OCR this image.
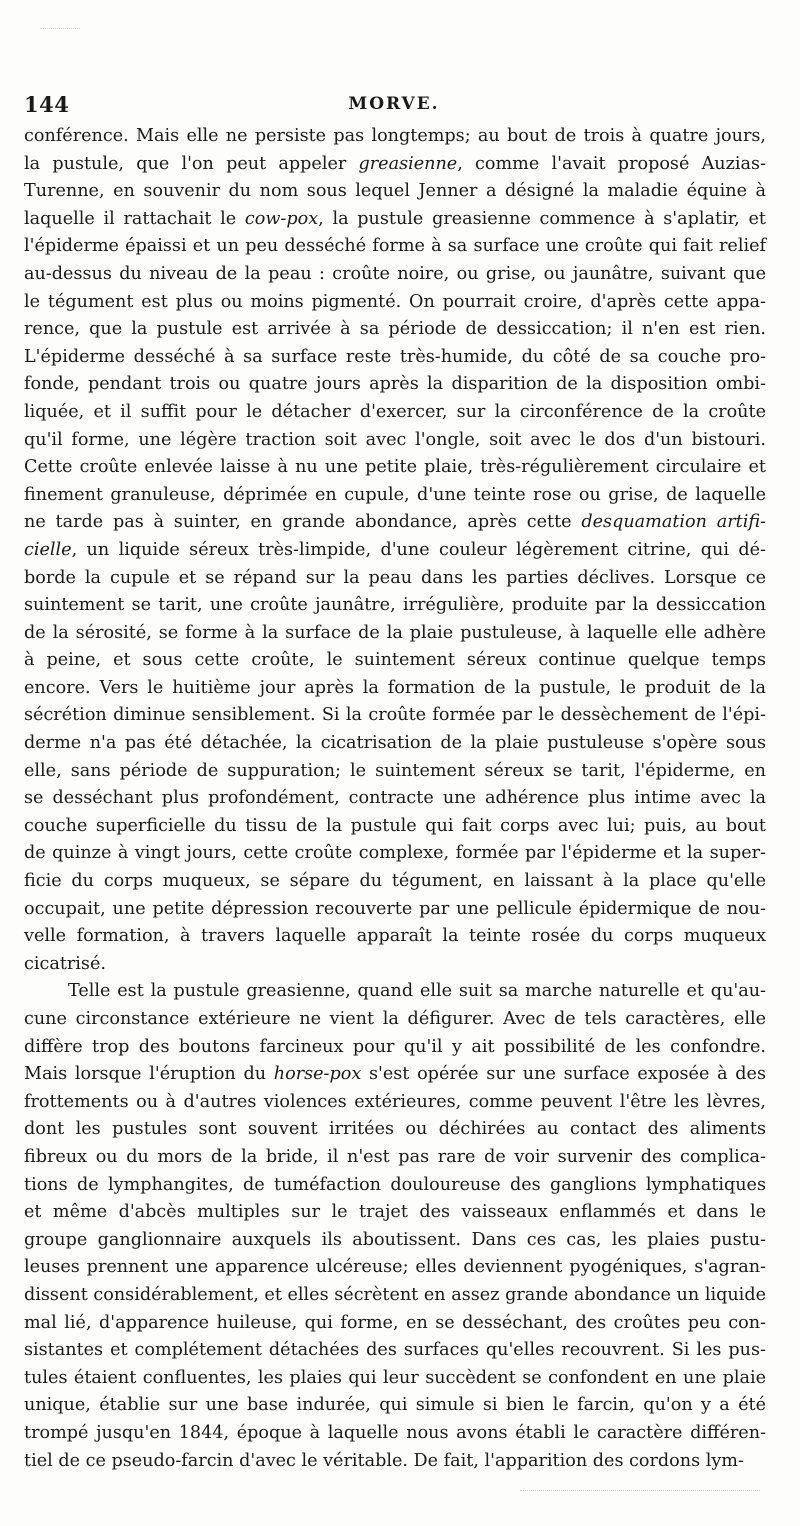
144	MORVE.
conférence. Mais elle ne persiste pas longtemps; au bout de trois à quatre jours,
la pustule, que l'on peut appeler greasienne, comme l'avait proposé Auzias-
Turenne, en souvenir du nom sous lequel Jenner a désigné la maladie équine à
laquelle il rattachait le cow-pox, la pustule greasienne commence à s'aplatir, et
l'épiderme épaissi et un peu desséché forme à sa surface une croûte qui fait relief
au-dessus du niveau de la peau : croûte noire, ou grise, ou jaunâtre, suivant que
le tégument est plus ou moins pigmenté. On pourrait croire, d'après cette appa-
rence, que la pustule est arrivée à sa période de dessiccation; il n'en est rien.
L'épiderme desséché à sa surface reste très-humide, du côté de sa couche pro-
fonde, pendant trois ou quatre jours après la disparition de la disposition ombi-
liquée, et il suffit pour le détacher d'exercer, sur la circonférence de la croûte
qu'il forme, une légère traction soit avec l'ongle, soit avec le dos d'un bistouri.
Cette croûte enlevée laisse à nu une petite plaie, très-régulièrement circulaire et
finement granuleuse, déprimée en cupule, d'une teinte rose ou grise, de laquelle
ne tarde pas à suinter, en grande abondance, après cette desquamation artifi-
cielle, un liquide séreux très-limpide, d'une couleur légèrement citrine, qui dé-
borde la cupule et se répand sur la peau dans les parties déclives. Lorsque ce
suintement se tarit, une croûte jaunâtre, irrégulière, produite par la dessiccation
de la sérosité, se forme à la surface de la plaie pustuleuse, à laquelle elle adhère
à peine, et sous cette croûte, le suintement séreux continue quelque temps
encore. Vers le huitième jour après la formation de la pustule, le produit de la
sécrétion diminue sensiblement. Si la croûte formée par le dessèchement de l'épi-
derme n'a pas été détachée, la cicatrisation de la plaie pustuleuse s'opère sous
elle, sans période de suppuration; le suintement séreux se tarit, l'épiderme, en
se desséchant plus profondément, contracte une adhérence plus intime avec la
couche superficielle du tissu de la pustule qui fait corps avec lui; puis, au bout
de quinze à vingt jours, cette croûte complexe, formée par l'épiderme et la super-
ficie du corps muqueux, se sépare du tégument, en laissant à la place qu'elle
occupait, une petite dépression recouverte par une pellicule épidermique de nou-
velle formation, à travers laquelle apparaît la teinte rosée du corps muqueux
cicatrisé.
Telle est la pustule greasienne, quand elle suit sa marche naturelle et qu'au-
cune circonstance extérieure ne vient la défigurer. Avec de tels caractères, elle
diffère trop des boutons farcineux pour qu'il y ait possibilité de les confondre.
Mais lorsque l'éruption du horse-pox s'est opérée sur une surface exposée à des
frottements ou à d'autres violences extérieures, comme peuvent l'être les lèvres,
dont les pustules sont souvent irritées ou déchirées au contact des aliments
fibreux ou du mors de la bride, il n'est pas rare de voir survenir des complica-
tions de lymphangites, de tuméfaction douloureuse des ganglions lymphatiques
et même d'abcès multiples sur le trajet des vaisseaux enflammés et dans le
groupe ganglionnaire auxquels ils aboutissent. Dans ces cas, les plaies pustu-
leuses prennent une apparence ulcéreuse; elles deviennent pyogéniques, s'agran-
dissent considérablement, et elles sécrètent en assez grande abondance un liquide
mal lié, d'apparence huileuse, qui forme, en se desséchant, des croûtes peu con-
sistantes et complétement détachées des surfaces qu'elles recouvrent. Si les pus-
tules étaient confluentes, les plaies qui leur succèdent se confondent en une plaie
unique, établie sur une base indurée, qui simule si bien le farcin, qu'on y a été
trompé jusqu'en 1844, époque à laquelle nous avons établi le caractère différen-
tiel de ce pseudo-farcin d'avec le véritable. De fait, l'apparition des cordons lym-
